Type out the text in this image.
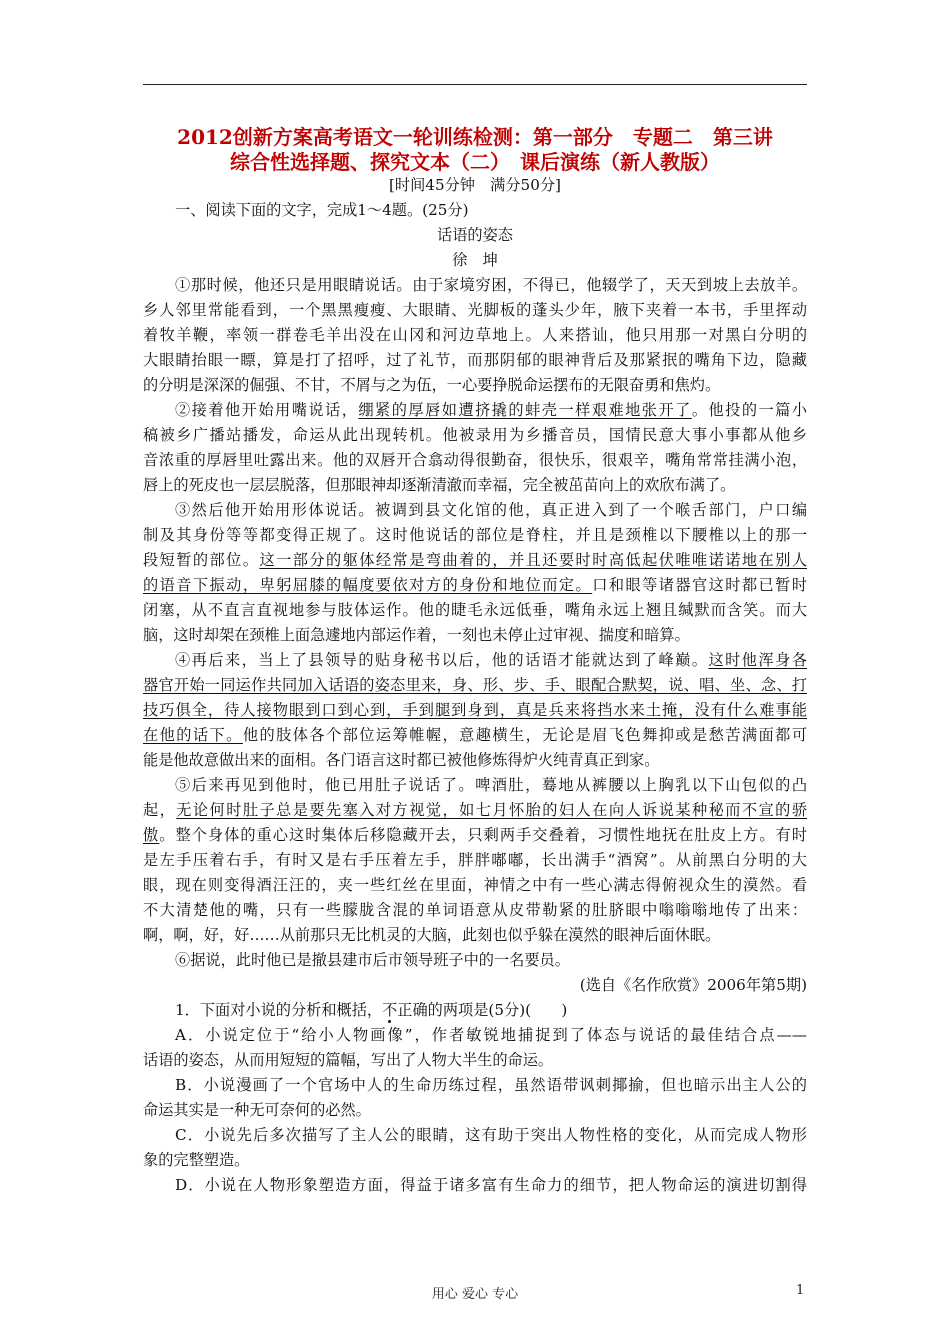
2012创新方案高考语文一轮训练检测：第一部分　专题二　第三讲
综合性选择题、探究文本（二）　课后演练（新人教版）
[时间45分钟　满分50分]
一、阅读下面的文字，完成1～4题。(25分)
话语的姿态
徐　坤
①那时候，他还只是用眼睛说话。由于家境穷困，不得已，他辍学了，天天到坡上去放羊。
乡人邻里常能看到，一个黑黑瘦瘦、大眼睛、光脚板的蓬头少年，腋下夹着一本书，手里挥动
着牧羊鞭，率领一群卷毛羊出没在山冈和河边草地上。人来搭讪，他只用那一对黑白分明的
大眼睛抬眼一瞟，算是打了招呼，过了礼节，而那阴郁的眼神背后及那紧抿的嘴角下边，隐藏
的分明是深深的倔强、不甘，不屑与之为伍，一心要挣脱命运摆布的无限奋勇和焦灼。
②接着他开始用嘴说话，绷紧的厚唇如遭挤撬的蚌壳一样艰难地张开了。他投的一篇小
稿被乡广播站播发，命运从此出现转机。他被录用为乡播音员，国情民意大事小事都从他乡
音浓重的厚唇里吐露出来。他的双唇开合翕动得很勤奋，很快乐，很艰辛，嘴角常常挂满小泡，
唇上的死皮也一层层脱落，但那眼神却逐渐清澈而幸福，完全被茁苗向上的欢欣布满了。
③然后他开始用形体说话。被调到县文化馆的他，真正进入到了一个喉舌部门，户口编
制及其身份等等都变得正规了。这时他说话的部位是脊柱，并且是颈椎以下腰椎以上的那一
段短暂的部位。这一部分的躯体经常是弯曲着的，并且还要时时高低起伏唯唯诺诺地在别人
的语音下振动，卑躬屈膝的幅度要依对方的身份和地位而定。口和眼等诸器官这时都已暂时
闭塞，从不直言直视地参与肢体运作。他的睫毛永远低垂，嘴角永远上翘且缄默而含笑。而大
脑，这时却架在颈椎上面急遽地内部运作着，一刻也未停止过审视、揣度和暗算。
④再后来，当上了县领导的贴身秘书以后，他的话语才能就达到了峰巅。这时他浑身各
器官开始一同运作共同加入话语的姿态里来，身、形、步、手、眼配合默契，说、唱、坐、念、打
技巧俱全，待人接物眼到口到心到，手到腿到身到，真是兵来将挡水来土掩，没有什么难事能
在他的话下。他的肢体各个部位运筹帷幄，意趣横生，无论是眉飞色舞抑或是愁苦满面都可
能是他故意做出来的面相。各门语言这时都已被他修炼得炉火纯青真正到家。
⑤后来再见到他时，他已用肚子说话了。啤酒肚，蓦地从裤腰以上胸乳以下山包似的凸
起，无论何时肚子总是要先塞入对方视觉，如七月怀胎的妇人在向人诉说某种秘而不宣的骄
傲。整个身体的重心这时集体后移隐藏开去，只剩两手交叠着，习惯性地抚在肚皮上方。有时
是左手压着右手，有时又是右手压着左手，胖胖嘟嘟，长出满手“酒窝”。从前黑白分明的大
眼，现在则变得酒汪汪的，夹一些红丝在里面，神情之中有一些心满志得俯视众生的漠然。看
不大清楚他的嘴，只有一些朦胧含混的单词语意从皮带勒紧的肚脐眼中嗡嗡嗡地传了出来：
啊，啊，好，好……从前那只无比机灵的大脑，此刻也似乎躲在漠然的眼神后面休眠。
⑥据说，此时他已是撤县建市后市领导班子中的一名要员。
(选自《名作欣赏》2006年第5期)
1．下面对小说的分析和概括，不正确的两项是(5分)(　　)
A．小说定位于“给小人物画像”，作者敏锐地捕捉到了体态与说话的最佳结合点——
话语的姿态，从而用短短的篇幅，写出了人物大半生的命运。
B．小说漫画了一个官场中人的生命历练过程，虽然语带讽刺揶揄，但也暗示出主人公的
命运其实是一种无可奈何的必然。
C．小说先后多次描写了主人公的眼睛，这有助于突出人物性格的变化，从而完成人物形
象的完整塑造。
D．小说在人物形象塑造方面，得益于诸多富有生命力的细节，把人物命运的演进切割得
用心 爱心 专心	1
